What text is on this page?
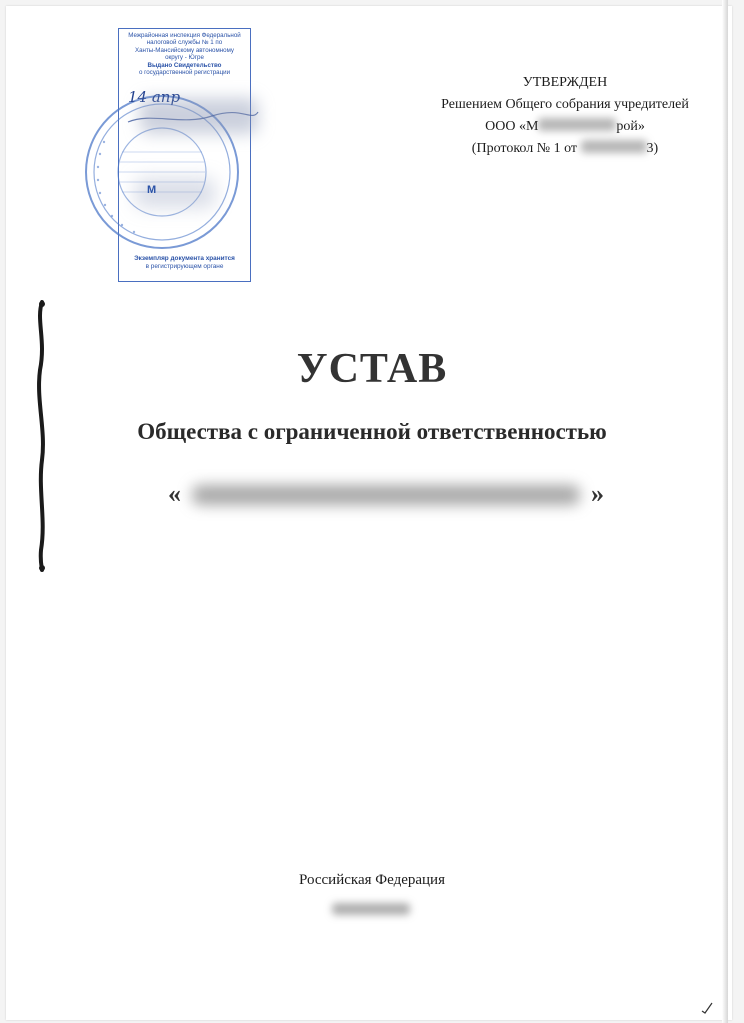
Межрайонная инспекция Федеральной
налоговой службы № 1 по
Ханты-Мансийскому автономному
округу - Югре
Выдано Свидетельство
о государственной регистрации
Экземпляр документа хранится
в регистрирующем органе
М
14 апр
УТВЕРЖДЕН
Решением Общего собрания учредителей
ООО «М	рой»
(Протокол № 1 от	3)
УСТАВ
Общества с ограниченной ответственностью
«	»
Российская Федерация
